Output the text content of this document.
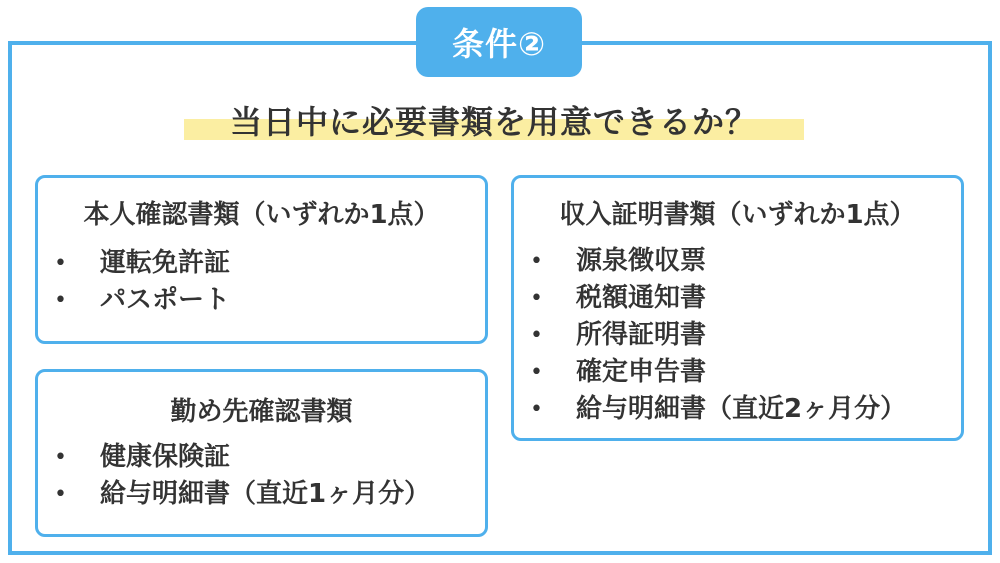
条件②
当日中に必要書類を用意できるか？
本人確認書類（いずれか1点）
• 運転免許証
• パスポート
勤め先確認書類
• 健康保険証
• 給与明細書（直近1ヶ月分）
収入証明書類（いずれか1点）
• 源泉徴収票
• 税額通知書
• 所得証明書
• 確定申告書
• 給与明細書（直近2ヶ月分）
